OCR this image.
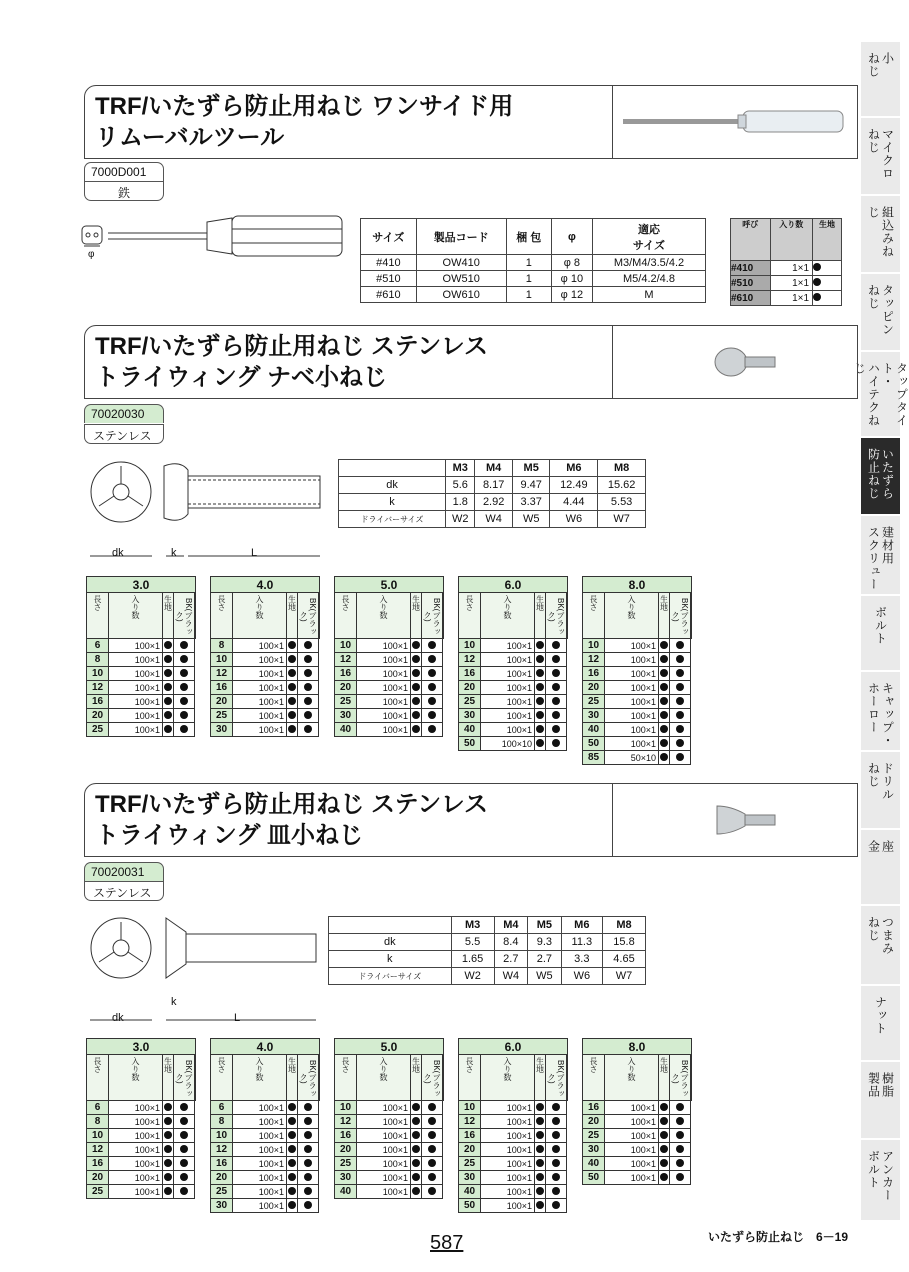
小
ねじ
マイクロ
ねじ
組込みね
じ
タッピン
ねじ
タップタイト・
ハイテクねじ
いたずら
防止ねじ
建材用
スクリュー
ボルト
キャップ・
ホーロー
ドリル
ねじ
座
金
つまみ
ねじ
ナット
樹脂
製品
アンカー
ボルト
TRF/いたずら防止用ねじ ワンサイド用
リムーバルツール
7000D001
鉄
φ
サイズ	製品コード	梱 包	φ	適応
サイズ
#410	OW410	1	φ 8	M3/M4/3.5/4.2
#510	OW510	1	φ 10	M5/4.2/4.8
#610	OW610	1	φ 12	M
呼び	入り数	生地
#410	1×1	
#510	1×1	
#610	1×1	
TRF/いたずら防止用ねじ ステンレス
トライウィング ナベ小ねじ
70020030
ステンレス
dk	k	L
	M3	M4	M5	M6	M8
dk	5.6	8.17	9.47	12.49	15.62
k	1.8	2.92	3.37	4.44	5.53
ドライバーサイズ	W2	W4	W5	W6	W7
3.0				

長さ	入り数	生地	BK(ブラック)	

6	100×1			
8	100×1			
10	100×1			
12	100×1			
16	100×1			
20	100×1			
25	100×1			
4.0				

長さ	入り数	生地	BK(ブラック)	

8	100×1			
10	100×1			
12	100×1			
16	100×1			
20	100×1			
25	100×1			
30	100×1			
5.0				

長さ	入り数	生地	BK(ブラック)	

10	100×1			
12	100×1			
16	100×1			
20	100×1			
25	100×1			
30	100×1			
40	100×1			
6.0				

長さ	入り数	生地	BK(ブラック)	

10	100×1			
12	100×1			
16	100×1			
20	100×1			
25	100×1			
30	100×1			
40	100×1			
50	100×10			
8.0				

長さ	入り数	生地	BK(ブラック)	

10	100×1			
12	100×1			
16	100×1			
20	100×1			
25	100×1			
30	100×1			
40	100×1			
50	100×1			
85	50×10			
TRF/いたずら防止用ねじ ステンレス
トライウィング 皿小ねじ
70020031
ステンレス
dk
k
L
	M3	M4	M5	M6	M8
dk	5.5	8.4	9.3	11.3	15.8
k	1.65	2.7	2.7	3.3	4.65
ドライバーサイズ	W2	W4	W5	W6	W7
3.0				

長さ	入り数	生地	BK(ブラック)	

6	100×1			
8	100×1			
10	100×1			
12	100×1			
16	100×1			
20	100×1			
25	100×1			
4.0				

長さ	入り数	生地	BK(ブラック)	

6	100×1			
8	100×1			
10	100×1			
12	100×1			
16	100×1			
20	100×1			
25	100×1			
30	100×1			
5.0				

長さ	入り数	生地	BK(ブラック)	

10	100×1			
12	100×1			
16	100×1			
20	100×1			
25	100×1			
30	100×1			
40	100×1			
6.0				

長さ	入り数	生地	BK(ブラック)	

10	100×1			
12	100×1			
16	100×1			
20	100×1			
25	100×1			
30	100×1			
40	100×1			
50	100×1			
8.0				

長さ	入り数	生地	BK(ブラック)	

16	100×1			
20	100×1			
25	100×1			
30	100×1			
40	100×1			
50	100×1			
587	いたずら防止ねじ 6－19
